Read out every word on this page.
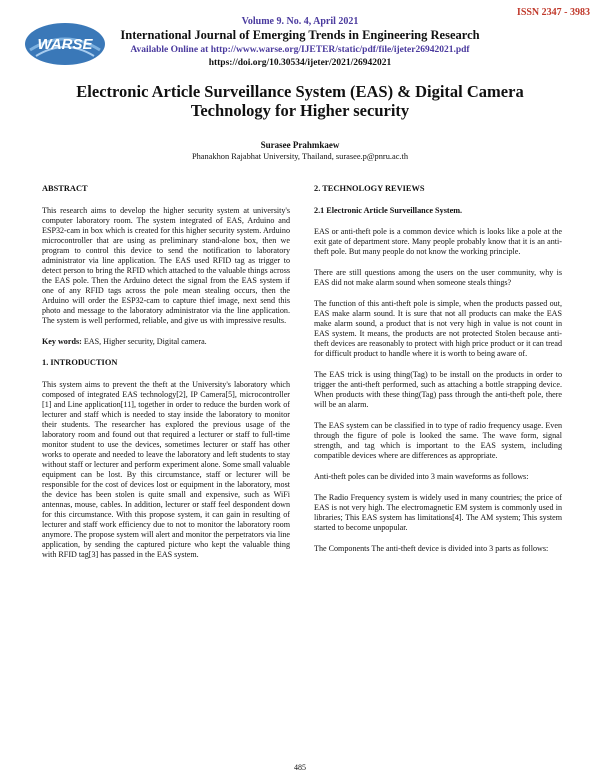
ISSN 2347 - 3983
WARSE
Volume 9. No. 4, April 2021
International Journal of Emerging Trends in Engineering Research
Available Online at http://www.warse.org/IJETER/static/pdf/file/ijeter26942021.pdf
https://doi.org/10.30534/ijeter/2021/26942021
Electronic Article Surveillance System (EAS) & Digital Camera Technology for Higher security
Surasee Prahmkaew
Phanakhon Rajabhat University, Thailand, surasee.p@pnru.ac.th
ABSTRACT

This research aims to develop the higher security system at university's computer laboratory room. The system integrated of EAS, Arduino and ESP32-cam in box which is created for this higher security system. Arduino microcontroller that are using as preliminary stand-alone box, then we program to control this device to send the notification to laboratory administrator via line application. The EAS used RFID tag as trigger to detect person to bring the RFID which attached to the valuable things across the EAS pole. Then the Arduino detect the signal from the EAS system if one of any RFID tags across the pole mean stealing occurs, then the Arduino will order the ESP32-cam to capture thief image, next send this photo and message to the laboratory administrator via the line application. The system is well performed, reliable, and give us with impressive results.

Key words: EAS, Higher security, Digital camera.

1. INTRODUCTION

This system aims to prevent the theft at the University's laboratory which composed of integrated EAS technology[2], IP Camera[5], microcontroller [1] and Line application[11], together in order to reduce the burden work of lecturer and staff which is needed to stay inside the laboratory to monitor their students. The researcher has explored the previous usage of the laboratory room and found out that required a lecturer or staff to full-time monitor student to use the devices, sometimes lecturer or staff has other works to operate and needed to leave the laboratory and left students to stay without staff or lecturer and perform experiment alone. Some small valuable equipment can be lost. By this circumstance, staff or lecturer will be responsible for the cost of devices lost or equipment in the laboratory, most the device has been stolen is quite small and expensive, such as WiFi antennas, mouse, cables. In addition, lecturer or staff feel despondent down for this circumstance. With this propose system, it can gain in resulting of lecturer and staff work efficiency due to not to monitor the laboratory room anymore. The propose system will alert and monitor the perpetrators via line application, by sending the captured picture who kept the valuable thing with RFID tag[3] has passed in the EAS system.

2. TECHNOLOGY REVIEWS
2.1 Electronic Article Surveillance System.

EAS or anti-theft pole is a common device which is looks like a pole at the exit gate of department store. Many people probably know that it is an anti-theft pole. But many people do not know the working principle.

There are still questions among the users on the user community, why is EAS did not make alarm sound when someone steals things?

The function of this anti-theft pole is simple, when the products passed out, EAS make alarm sound. It is sure that not all products can make the EAS make alarm sound, a product that is not very high in value is not count in EAS system. It means, the products are not protected Stolen because anti-theft devices are reasonably to protect with high price product or it can tread for difficult product to handle where it is worth to being aware of.

The EAS trick is using thing(Tag) to be install on the products in order to trigger the anti-theft performed, such as attaching a bottle strapping device. When products with these thing(Tag) pass through the anti-theft pole, there will be an alarm.

The EAS system can be classified in to type of radio frequency usage. Even through the figure of pole is looked the same. The wave form, signal strength, and tag which is important to the EAS system, including compatible devices where are differences as appropriate.

Anti-theft poles can be divided into 3 main waveforms as follows:

The Radio Frequency system is widely used in many countries; the price of EAS is not very high. The electromagnetic EM system is commonly used in libraries; This EAS system has limitations[4]. The AM system; This system started to become unpopular.

The Components The anti-theft device is divided into 3 parts as follows:

485
